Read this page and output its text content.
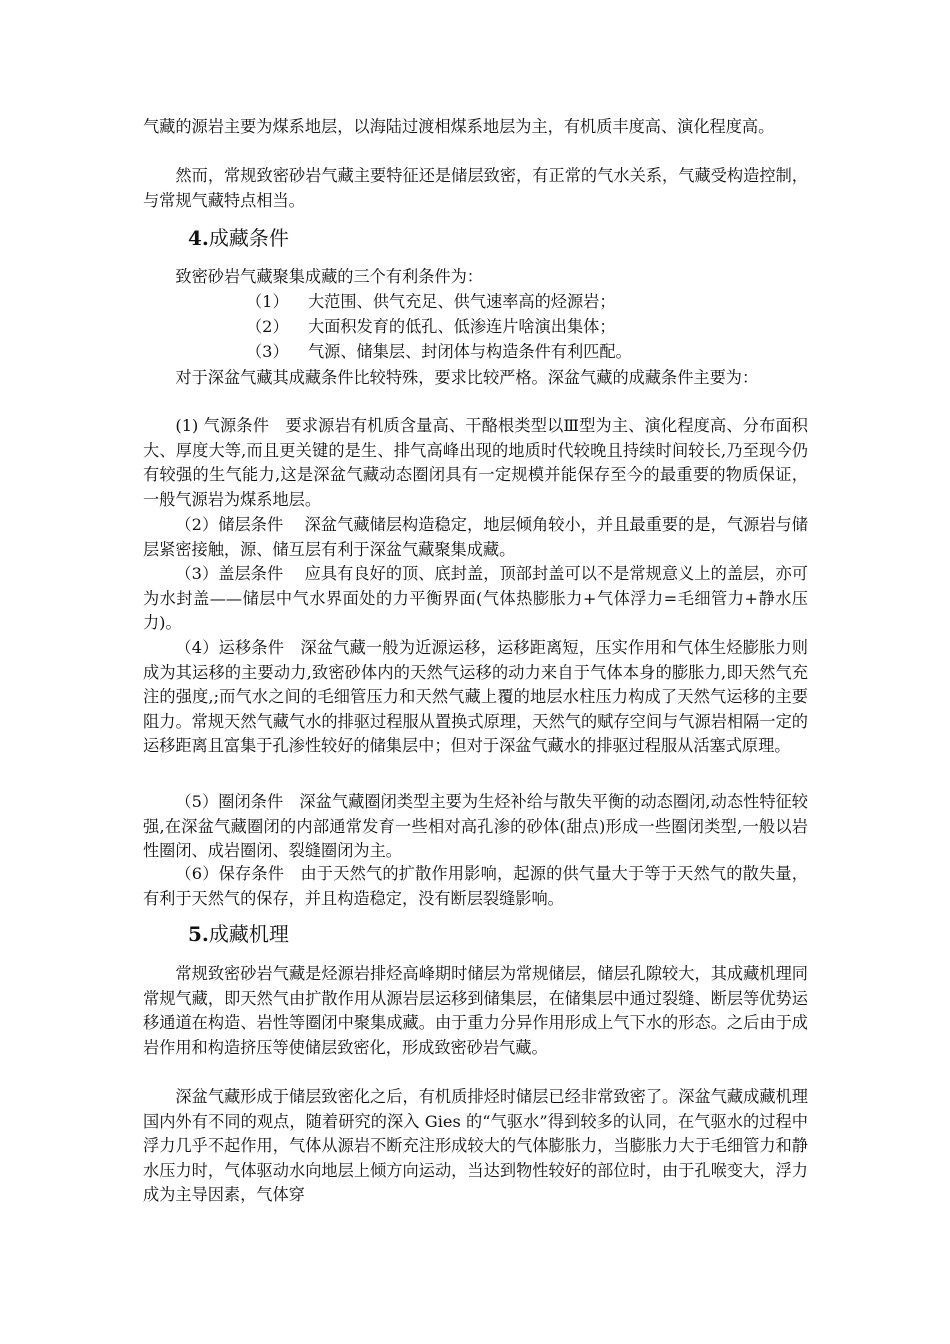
气藏的源岩主要为煤系地层，以海陆过渡相煤系地层为主，有机质丰度高、演化程度高。

然而，常规致密砂岩气藏主要特征还是储层致密，有正常的气水关系，气藏受构造控制，与常规气藏特点相当。

4.成藏条件

致密砂岩气藏聚集成藏的三个有利条件为：

（1） 大范围、供气充足、供气速率高的烃源岩；

（2） 大面积发育的低孔、低渗连片啥演出集体；

（3） 气源、储集层、封闭体与构造条件有利匹配。

对于深盆气藏其成藏条件比较特殊，要求比较严格。深盆气藏的成藏条件主要为：

(1) 气源条件　要求源岩有机质含量高、干酪根类型以Ⅲ型为主、演化程度高、分布面积大、厚度大等,而且更关键的是生、排气高峰出现的地质时代较晚且持续时间较长,乃至现今仍有较强的生气能力,这是深盆气藏动态圈闭具有一定规模并能保存至今的最重要的物质保证，一般气源岩为煤系地层。

（2）储层条件　 深盆气藏储层构造稳定，地层倾角较小，并且最重要的是，气源岩与储层紧密接触，源、储互层有利于深盆气藏聚集成藏。

（3）盖层条件　 应具有良好的顶、底封盖，顶部封盖可以不是常规意义上的盖层，亦可为水封盖——储层中气水界面处的力平衡界面(气体热膨胀力+气体浮力=毛细管力+静水压力)。

（4）运移条件　深盆气藏一般为近源运移，运移距离短，压实作用和气体生烃膨胀力则成为其运移的主要动力,致密砂体内的天然气运移的动力来自于气体本身的膨胀力,即天然气充注的强度,;而气水之间的毛细管压力和天然气藏上覆的地层水柱压力构成了天然气运移的主要阻力。常规天然气藏气水的排驱过程服从置换式原理，天然气的赋存空间与气源岩相隔一定的运移距离且富集于孔渗性较好的储集层中；但对于深盆气藏水的排驱过程服从活塞式原理。

（5）圈闭条件　深盆气藏圈闭类型主要为生烃补给与散失平衡的动态圈闭,动态性特征较强,在深盆气藏圈闭的内部通常发育一些相对高孔渗的砂体(甜点)形成一些圈闭类型,一般以岩性圈闭、成岩圈闭、裂缝圈闭为主。

（6）保存条件　由于天然气的扩散作用影响，起源的供气量大于等于天然气的散失量，有利于天然气的保存，并且构造稳定，没有断层裂缝影响。

5.成藏机理

常规致密砂岩气藏是烃源岩排烃高峰期时储层为常规储层，储层孔隙较大，其成藏机理同常规气藏，即天然气由扩散作用从源岩层运移到储集层，在储集层中通过裂缝、断层等优势运移通道在构造、岩性等圈闭中聚集成藏。由于重力分异作用形成上气下水的形态。之后由于成岩作用和构造挤压等使储层致密化，形成致密砂岩气藏。

深盆气藏形成于储层致密化之后，有机质排烃时储层已经非常致密了。深盆气藏成藏机理国内外有不同的观点，随着研究的深入 Gies 的“气驱水”得到较多的认同，在气驱水的过程中浮力几乎不起作用，气体从源岩不断充注形成较大的气体膨胀力，当膨胀力大于毛细管力和静水压力时，气体驱动水向地层上倾方向运动，当达到物性较好的部位时，由于孔喉变大，浮力成为主导因素，气体穿
